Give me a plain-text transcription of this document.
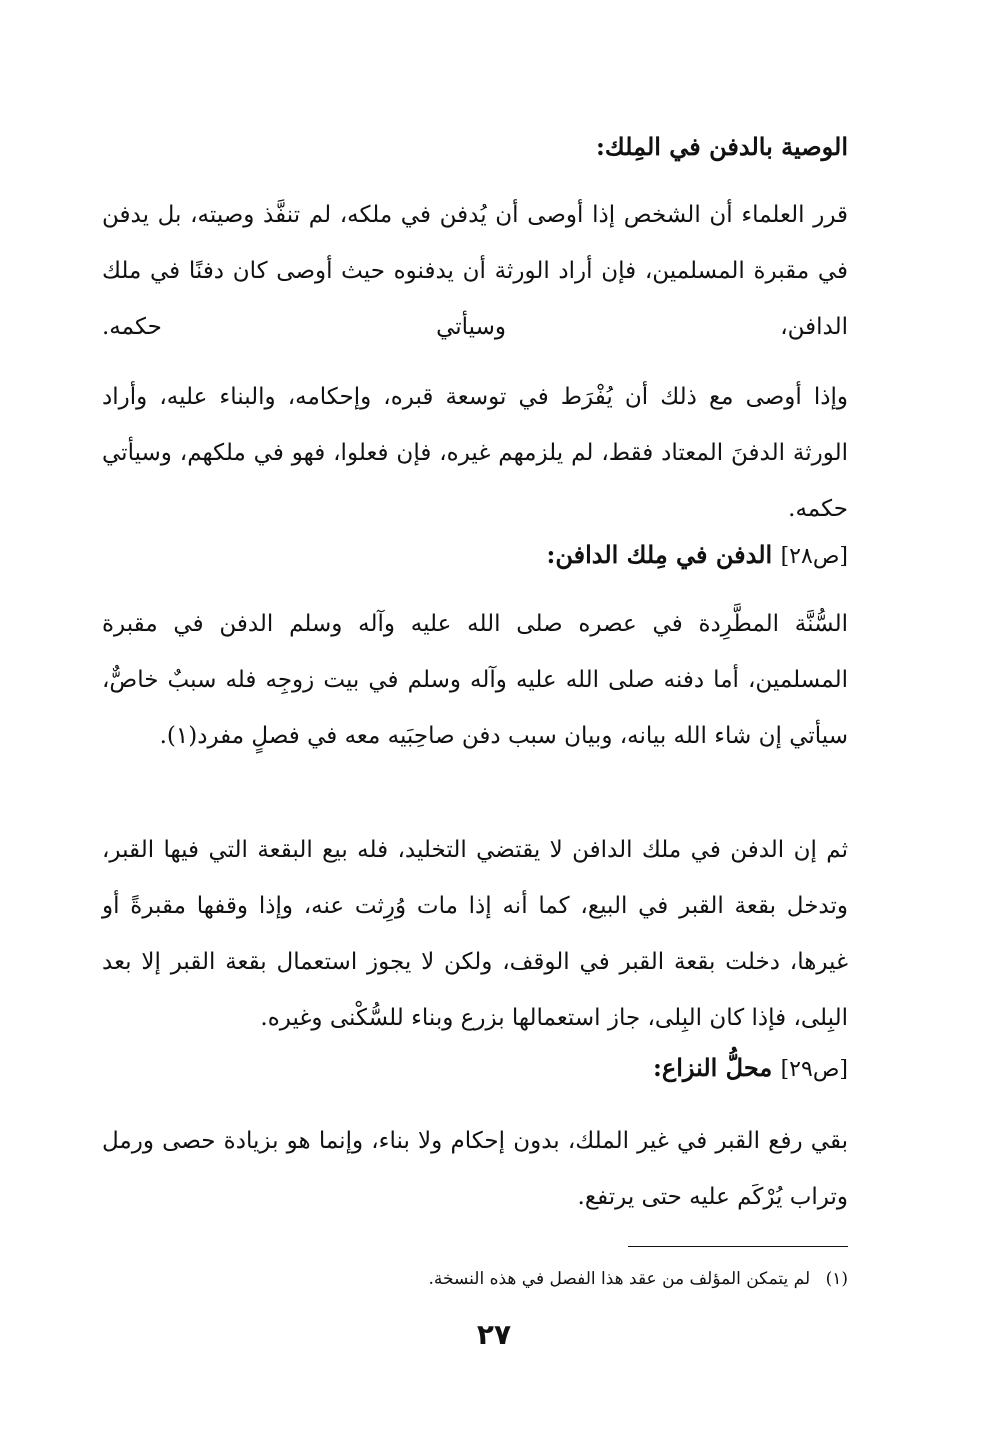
الوصية بالدفن في المِلك:

قرر العلماء أن الشخص إذا أوصى أن يُدفن في ملكه، لم تنفَّذ وصيته، بل يدفن في مقبرة المسلمين، فإن أراد الورثة أن يدفنوه حيث أوصى كان دفنًا في ملك الدافن، وسيأتي حكمه.

وإذا أوصى مع ذلك أن يُفْرَط في توسعة قبره، وإحكامه، والبناء عليه، وأراد الورثة الدفنَ المعتاد فقط، لم يلزمهم غيره، فإن فعلوا، فهو في ملكهم، وسيأتي حكمه.

[ص٢٨] الدفن في مِلك الدافن:

السُّنَّة المطَّرِدة في عصره صلى الله عليه وآله وسلم الدفن في مقبرة المسلمين، أما دفنه صلى الله عليه وآله وسلم في بيت زوجِه فله سببٌ خاصٌّ، سيأتي إن شاء الله بيانه، وبيان سبب دفن صاحِبَيه معه في فصلٍ مفرد(١).

ثم إن الدفن في ملك الدافن لا يقتضي التخليد، فله بيع البقعة التي فيها القبر، وتدخل بقعة القبر في البيع، كما أنه إذا مات وُرِثت عنه، وإذا وقفها مقبرةً أو غيرها، دخلت بقعة القبر في الوقف، ولكن لا يجوز استعمال بقعة القبر إلا بعد البِلى، فإذا كان البِلى، جاز استعمالها بزرع وبناء للسُّكْنى وغيره.

[ص٢٩] محلُّ النزاع:

بقي رفع القبر في غير الملك، بدون إحكام ولا بناء، وإنما هو بزيادة حصى ورمل وتراب يُرْكَم عليه حتى يرتفع.

(١) لم يتمكن المؤلف من عقد هذا الفصل في هذه النسخة.

٢٧
